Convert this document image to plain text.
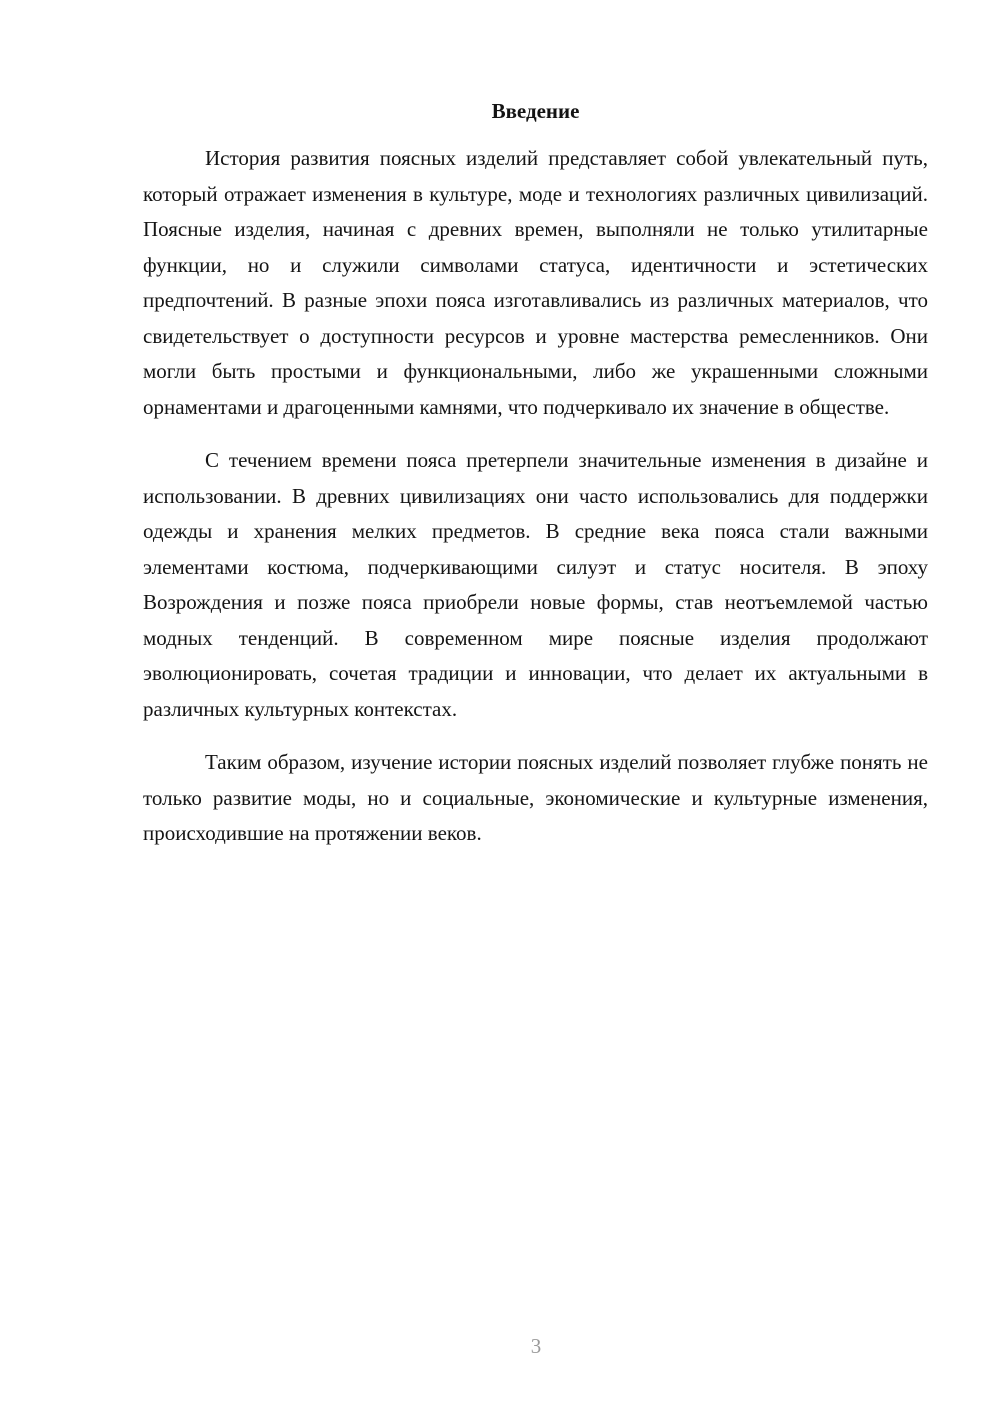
Введение

История развития поясных изделий представляет собой увлекательный путь, который отражает изменения в культуре, моде и технологиях различных цивилизаций. Поясные изделия, начиная с древних времен, выполняли не только утилитарные функции, но и служили символами статуса, идентичности и эстетических предпочтений. В разные эпохи пояса изготавливались из различных материалов, что свидетельствует о доступности ресурсов и уровне мастерства ремесленников. Они могли быть простыми и функциональными, либо же украшенными сложными орнаментами и драгоценными камнями, что подчеркивало их значение в обществе.

С течением времени пояса претерпели значительные изменения в дизайне и использовании. В древних цивилизациях они часто использовались для поддержки одежды и хранения мелких предметов. В средние века пояса стали важными элементами костюма, подчеркивающими силуэт и статус носителя. В эпоху Возрождения и позже пояса приобрели новые формы, став неотъемлемой частью модных тенденций. В современном мире поясные изделия продолжают эволюционировать, сочетая традиции и инновации, что делает их актуальными в различных культурных контекстах.

Таким образом, изучение истории поясных изделий позволяет глубже понять не только развитие моды, но и социальные, экономические и культурные изменения, происходившие на протяжении веков.

3
